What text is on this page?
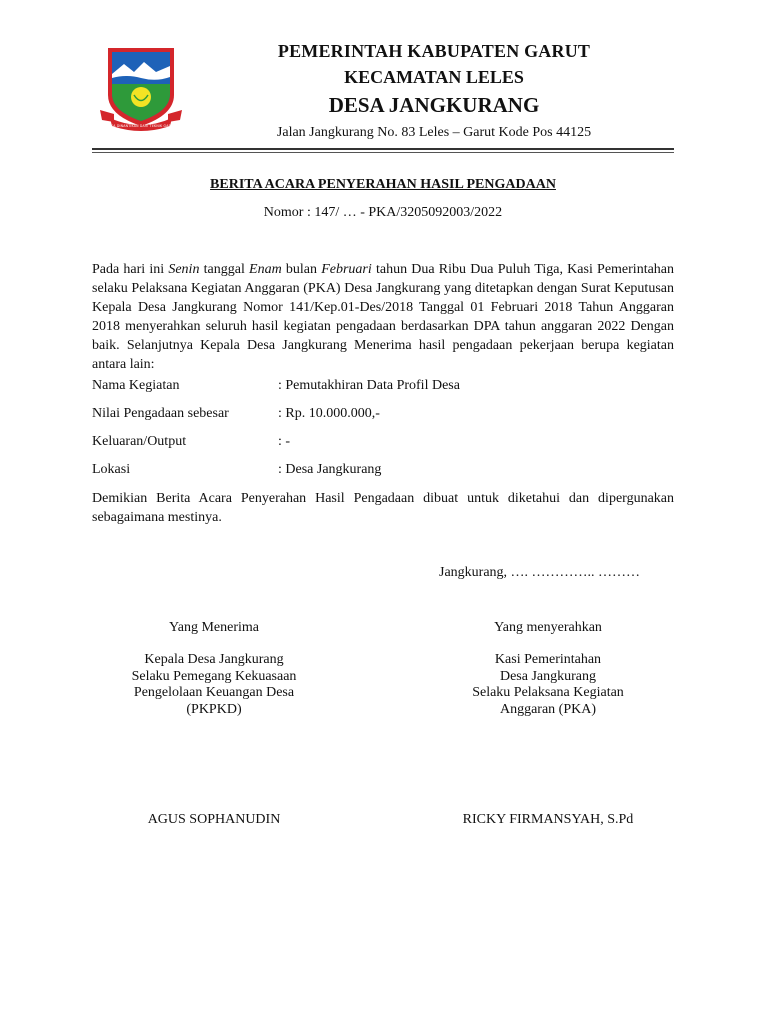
SUKA DINANTIKAN DARI TEKNIK GARUT
PEMERINTAH KABUPATEN GARUT
KECAMATAN LELES
DESA JANGKURANG
Jalan Jangkurang No. 83 Leles – Garut Kode Pos 44125
BERITA ACARA PENYERAHAN HASIL PENGADAAN
Nomor : 147/ … - PKA/3205092003/2022
Pada hari ini Senin tanggal Enam bulan Februari tahun Dua Ribu Dua Puluh Tiga, Kasi Pemerintahan selaku Pelaksana Kegiatan Anggaran (PKA) Desa Jangkurang yang ditetapkan dengan Surat Keputusan Kepala Desa Jangkurang Nomor 141/Kep.01-Des/2018 Tanggal 01 Februari 2018 Tahun Anggaran 2018 menyerahkan seluruh hasil kegiatan pengadaan berdasarkan DPA tahun anggaran 2022 Dengan baik. Selanjutnya Kepala Desa Jangkurang Menerima hasil pengadaan pekerjaan berupa kegiatan antara lain:
Nama Kegiatan	: Pemutakhiran Data Profil Desa
Nilai Pengadaan sebesar	: Rp. 10.000.000,-
Keluaran/Output	: -
Lokasi	: Desa Jangkurang
Demikian Berita Acara Penyerahan Hasil Pengadaan dibuat untuk diketahui dan dipergunakan sebagaimana mestinya.
Jangkurang, …. ………….. ………
Yang Menerima
Kepala Desa Jangkurang
Selaku Pemegang Kekuasaan
Pengelolaan Keuangan Desa
(PKPKD)
AGUS SOPHANUDIN
Yang menyerahkan
Kasi Pemerintahan
Desa Jangkurang
Selaku Pelaksana Kegiatan
Anggaran (PKA)
RICKY FIRMANSYAH, S.Pd
